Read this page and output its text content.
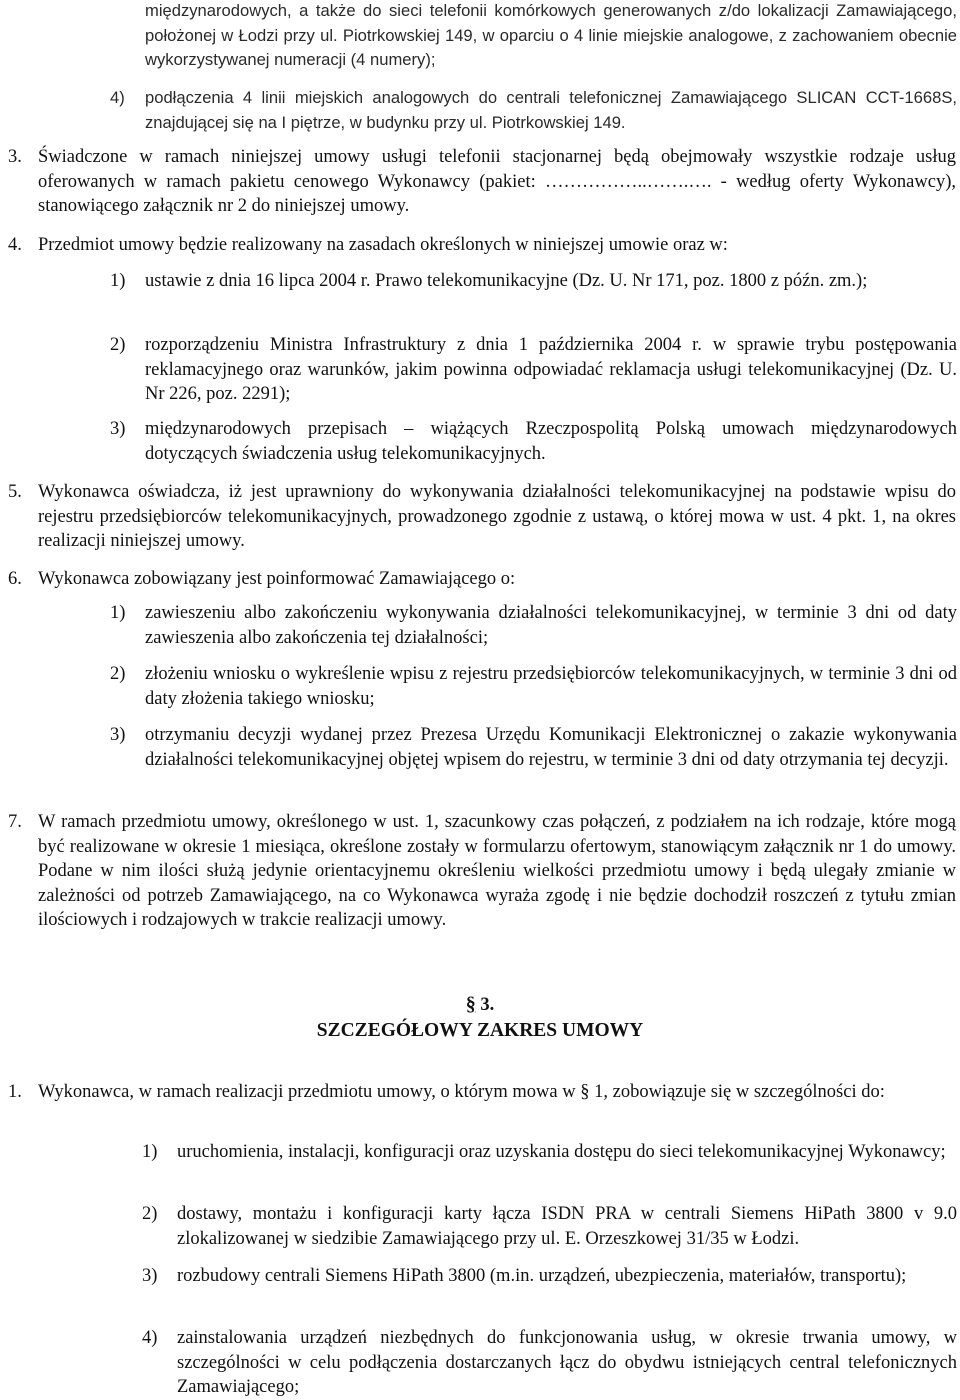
międzynarodowych, a także do sieci telefonii komórkowych generowanych z/do lokalizacji Zamawiającego, położonej w Łodzi przy ul. Piotrkowskiej 149, w oparciu o 4 linie miejskie analogowe, z zachowaniem obecnie wykorzystywanej numeracji (4 numery);

4) podłączenia 4 linii miejskich analogowych do centrali telefonicznej Zamawiającego SLICAN CCT-1668S, znajdującej się na I piętrze, w budynku przy ul. Piotrkowskiej 149.

3. Świadczone w ramach niniejszej umowy usługi telefonii stacjonarnej będą obejmowały wszystkie rodzaje usług oferowanych w ramach pakietu cenowego Wykonawcy (pakiet: ……………..…….…. - według oferty Wykonawcy), stanowiącego załącznik nr 2 do niniejszej umowy.

4. Przedmiot umowy będzie realizowany na zasadach określonych w niniejszej umowie oraz w:

1) ustawie z dnia 16 lipca 2004 r. Prawo telekomunikacyjne (Dz. U. Nr 171, poz. 1800 z późn. zm.);

2) rozporządzeniu Ministra Infrastruktury z dnia 1 października 2004 r. w sprawie trybu postępowania reklamacyjnego oraz warunków, jakim powinna odpowiadać reklamacja usługi telekomunikacyjnej (Dz. U. Nr 226, poz. 2291);

3) międzynarodowych przepisach – wiążących Rzeczpospolitą Polską umowach międzynarodowych dotyczących świadczenia usług telekomunikacyjnych.

5. Wykonawca oświadcza, iż jest uprawniony do wykonywania działalności telekomunikacyjnej na podstawie wpisu do rejestru przedsiębiorców telekomunikacyjnych, prowadzonego zgodnie z ustawą, o której mowa w ust. 4 pkt. 1, na okres realizacji niniejszej umowy.

6. Wykonawca zobowiązany jest poinformować Zamawiającego o:

1) zawieszeniu albo zakończeniu wykonywania działalności telekomunikacyjnej, w terminie 3 dni od daty zawieszenia albo zakończenia tej działalności;

2) złożeniu wniosku o wykreślenie wpisu z rejestru przedsiębiorców telekomunikacyjnych, w terminie 3 dni od daty złożenia takiego wniosku;

3) otrzymaniu decyzji wydanej przez Prezesa Urzędu Komunikacji Elektronicznej o zakazie wykonywania działalności telekomunikacyjnej objętej wpisem do rejestru, w terminie 3 dni od daty otrzymania tej decyzji.

7. W ramach przedmiotu umowy, określonego w ust. 1, szacunkowy czas połączeń, z podziałem na ich rodzaje, które mogą być realizowane w okresie 1 miesiąca, określone zostały w formularzu ofertowym, stanowiącym załącznik nr 1 do umowy. Podane w nim ilości służą jedynie orientacyjnemu określeniu wielkości przedmiotu umowy i będą ulegały zmianie w zależności od potrzeb Zamawiającego, na co Wykonawca wyraża zgodę i nie będzie dochodził roszczeń z tytułu zmian ilościowych i rodzajowych w trakcie realizacji umowy.

§ 3.

SZCZEGÓŁOWY ZAKRES UMOWY

1. Wykonawca, w ramach realizacji przedmiotu umowy, o którym mowa w § 1, zobowiązuje się w szczególności do:

1) uruchomienia, instalacji, konfiguracji oraz uzyskania dostępu do sieci telekomunikacyjnej Wykonawcy;

2) dostawy, montażu i konfiguracji karty łącza ISDN PRA w centrali Siemens HiPath 3800 v 9.0 zlokalizowanej w siedzibie Zamawiającego przy ul. E. Orzeszkowej 31/35 w Łodzi.

3) rozbudowy centrali Siemens HiPath 3800 (m.in. urządzeń, ubezpieczenia, materiałów, transportu);

4) zainstalowania urządzeń niezbędnych do funkcjonowania usług, w okresie trwania umowy, w szczególności w celu podłączenia dostarczanych łącz do obydwu istniejących central telefonicznych Zamawiającego;
